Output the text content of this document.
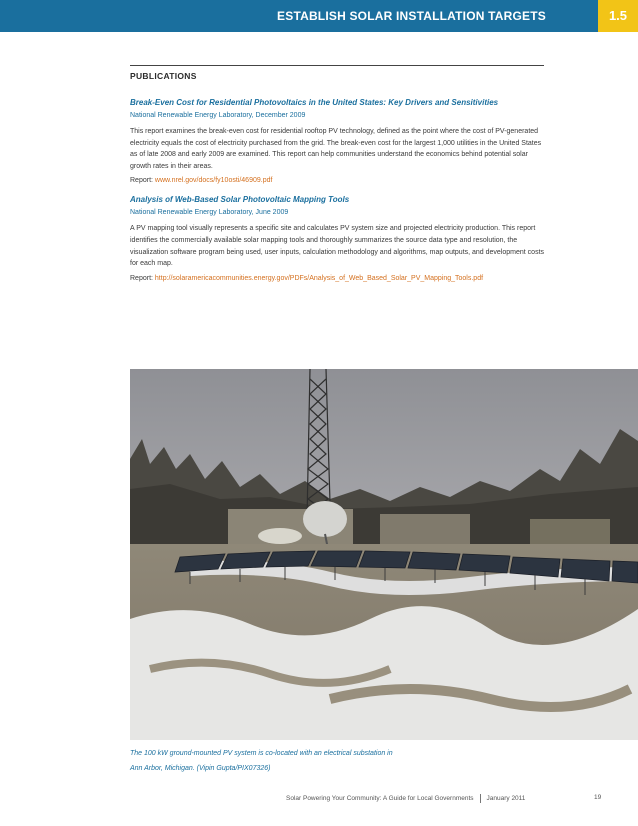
ESTABLISH SOLAR INSTALLATION TARGETS	1.5
PUBLICATIONS
Break-Even Cost for Residential Photovoltaics in the United States: Key Drivers and Sensitivities
National Renewable Energy Laboratory, December 2009
This report examines the break-even cost for residential rooftop PV technology, defined as the point where the cost of PV-generated electricity equals the cost of electricity purchased from the grid. The break-even cost for the largest 1,000 utilities in the United States as of late 2008 and early 2009 are examined. This report can help communities understand the economics behind potential solar growth rates in their areas.
Report: www.nrel.gov/docs/fy10osti/46909.pdf
Analysis of Web-Based Solar Photovoltaic Mapping Tools
National Renewable Energy Laboratory, June 2009
A PV mapping tool visually represents a specific site and calculates PV system size and projected electricity production. This report identifies the commercially available solar mapping tools and thoroughly summarizes the source data type and resolution, the visualization software program being used, user inputs, calculation methodology and algorithms, map outputs, and development costs for each map.
Report: http://solaramericacommunities.energy.gov/PDFs/Analysis_of_Web_Based_Solar_PV_Mapping_Tools.pdf
The 100 kW ground-mounted PV system is co-located with an electrical substation in
Ann Arbor, Michigan. (Vipin Gupta/PIX07326)
Solar Powering Your Community: A Guide for Local Governments January 2011	19
